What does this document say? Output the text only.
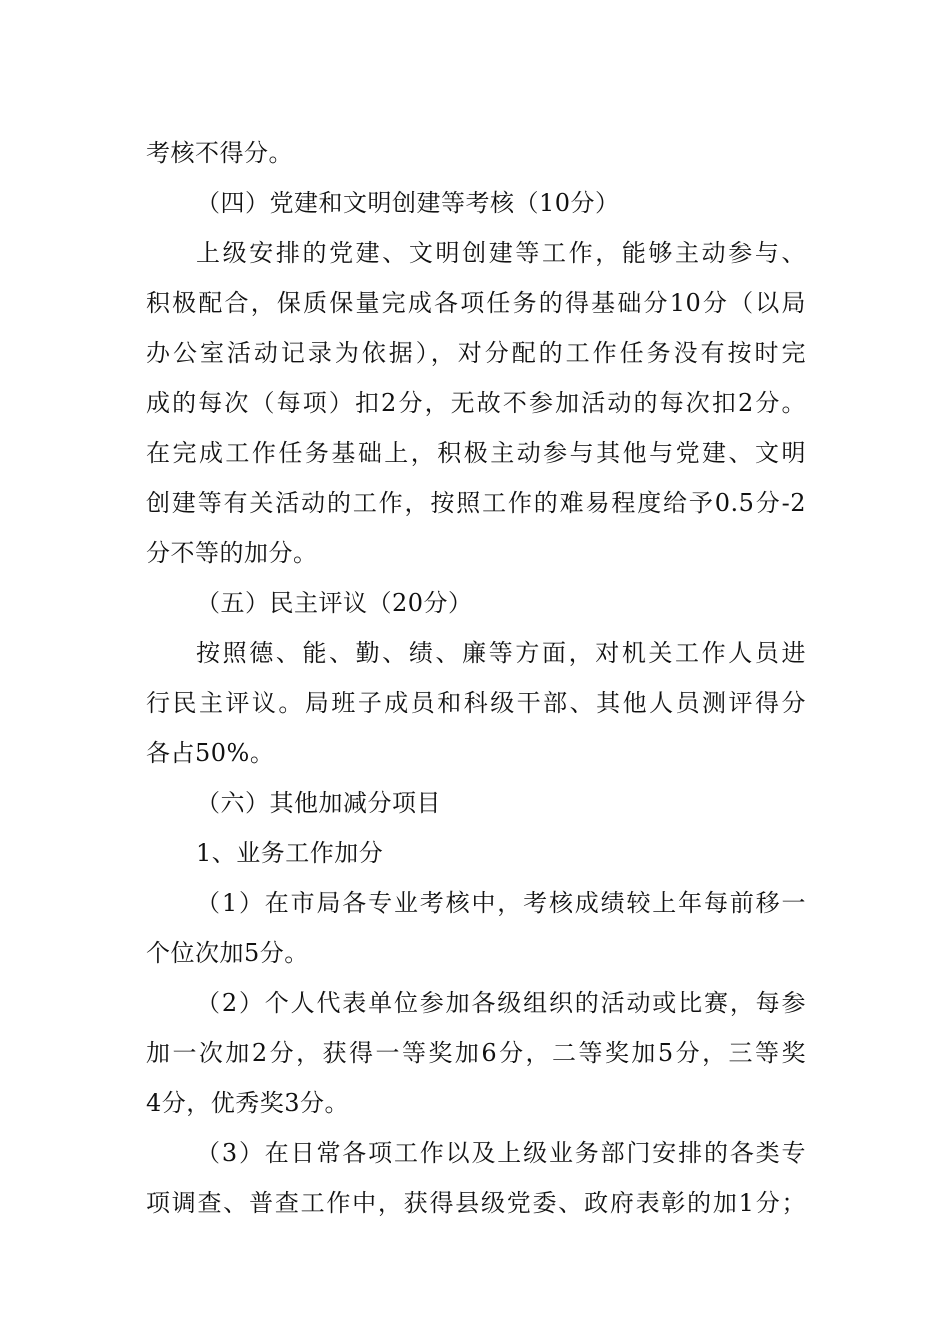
考核不得分。
（四）党建和文明创建等考核（10分）
上级安排的党建、文明创建等工作，能够主动参与、
积极配合，保质保量完成各项任务的得基础分10分（以局
办公室活动记录为依据），对分配的工作任务没有按时完
成的每次（每项）扣2分，无故不参加活动的每次扣2分。
在完成工作任务基础上，积极主动参与其他与党建、文明
创建等有关活动的工作，按照工作的难易程度给予0.5分-2
分不等的加分。
（五）民主评议（20分）
按照德、能、勤、绩、廉等方面，对机关工作人员进
行民主评议。局班子成员和科级干部、其他人员测评得分
各占50%。
（六）其他加减分项目
1、业务工作加分
（1）在市局各专业考核中，考核成绩较上年每前移一
个位次加5分。
（2）个人代表单位参加各级组织的活动或比赛，每参
加一次加2分，获得一等奖加6分，二等奖加5分，三等奖
4分，优秀奖3分。
（3）在日常各项工作以及上级业务部门安排的各类专
项调查、普查工作中，获得县级党委、政府表彰的加1分；
